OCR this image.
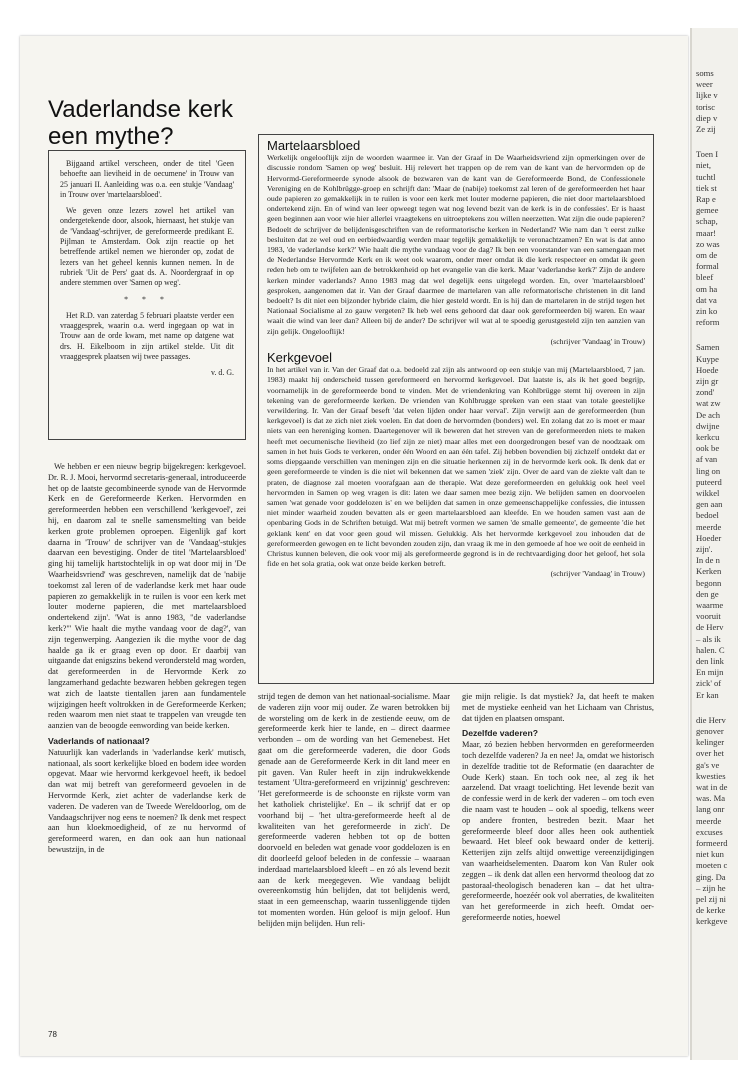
soms
weer
lijke v
torisc
diep v
Ze zij
Toen I
niet,
tuchtl
tiek st
Rap e
gemee
schap,
maar!
zo was
om de
formal
bleef
om ha
dat va
zin ko
reform
Samen
Kuype
Hoede
zijn gr
zond'
wat zw
De ach
dwijne
kerkcu
ook be
af van
ling on
puteerd
wikkel
gen aan
bedoel
meerde
Hoeder
zijn'.
In de n
Kerken
begonn
den ge
waarme
vooruit
de Herv
– als ik
halen. C
den link
En mijn
zick' of
Er kan
die Herv
genover
kelinger
over het
ga's ve
kwesties
wat in de
was. Ma
lang onr
meerde
excuses
formeerd
niet kun
moeten c
ging. Da
– zijn he
pel zij ni
de kerke
kerkgeve
Vaderlandse kerk een mythe?

Bijgaand artikel verscheen, onder de titel 'Geen behoefte aan lieviheid in de oecumene' in Trouw van 25 januari II. Aanleiding was o.a. een stukje 'Vandaag' in Trouw over 'martelaarsbloed'.

We geven onze lezers zowel het artikel van ondergetekende door, alsook, hiernaast, het stukje van de 'Vandaag'-schrijver, de gereformeerde predikant E. Pijlman te Amsterdam. Ook zijn reactie op het betreffende artikel nemen we hieronder op, zodat de lezers van het geheel kennis kunnen nemen. In de rubriek 'Uit de Pers' gaat ds. A. Noordergraaf in op andere stemmen over 'Samen op weg'.

* * *

Het R.D. van zaterdag 5 februari plaatste verder een vraaggesprek, waarin o.a. werd ingegaan op wat in Trouw aan de orde kwam, met name op datgene wat drs. H. Eikelboom in zijn artikel stelde. Uit dit vraaggesprek plaatsen wij twee passages.

v. d. G.
Martelaarsbloed

Werkelijk ongelooflijk zijn de woorden waarmee ir. Van der Graaf in De Waarheidsvriend zijn opmerkingen over de discussie rondom 'Samen op weg' besluit. Hij relevert het trappen op de rem van de kant van de hervormden op de Hervormd-Gereformeerde synode alsook de bezwaren van de kant van de Gereformeerde Bond, de Confessionele Vereniging en de Kohlbrügge-groep en schrijft dan: 'Maar de (nabije) toekomst zal leren of de gereformeerden het haar oude papieren zo gemakkelijk in te ruilen is voor een kerk met louter moderne papieren, die niet door martelaarsbloed ondertekend zijn. En of wind van leer opweegt tegen wat nog levend bezit van de kerk is in de confessies'. Er is haast geen beginnen aan voor wie hier allerlei vraagtekens en uitroeptekens zou willen neerzetten. Wat zijn die oude papieren? Bedoelt de schrijver de belijdenisgeschriften van de reformatorische kerken in Nederland? Wie nam dan 't eerst zulke besluiten dat ze wel oud en eerbiedwaardig werden maar tegelijk gemakkelijk te veronachtzamen? En wat is dat anno 1983, 'de vaderlandse kerk?' Wie haalt die mythe vandaag voor de dag? Ik ben een voorstander van een samengaan met de Nederlandse Hervormde Kerk en ik weet ook waarom, onder meer omdat ik die kerk respecteer en omdat ik geen reden heb om te twijfelen aan de betrokkenheid op het evangelie van die kerk. Maar 'vaderlandse kerk?' Zijn de andere kerken minder vaderlands? Anno 1983 mag dat wel degelijk eens uitgelegd worden. En, over 'martelaarsbloed' gesproken, aangenomen dat ir. Van der Graaf daarmee de martelaren van alle reformatorische christenen in dit land bedoelt? Is dit niet een bijzonder hybride claim, die hier gesteld wordt. En is hij dan de martelaren in de strijd tegen het Nationaal Socialisme al zo gauw vergeten? Ik heb wel eens gehoord dat daar ook gereformeerden bij waren. En waar waait die wind van leer dan? Alleen bij de ander? De schrijver wil wat al te spoedig gerustgesteld zijn ten aanzien van zijn gelijk. Ongelooflijk!

(schrijver 'Vandaag' in Trouw)
Kerkgevoel

In het artikel van ir. Van der Graaf dat o.a. bedoeld zal zijn als antwoord op een stukje van mij (Martelaarsbloed, 7 jan. 1983) maakt hij onderscheid tussen gereformeerd en hervormd kerkgevoel. Dat laatste is, als ik het goed begrijp, voornamelijk in de gereformeerde bond te vinden. Met de vriendenkring van Kohlbrügge stemt hij overeen in zijn tekening van de gereformeerde kerken. De vrienden van Kohlbrugge spreken van een staat van totale geestelijke verwildering. Ir. Van der Graaf beseft 'dat velen lijden onder haar verval'. Zijn verwijt aan de gereformeerden (hun kerkgevoel) is dat ze zich niet ziek voelen. En dat doen de hervormden (bonders) wel. En zolang dat zo is moet er maar niets van een hereniging komen. Daartegenover wil ik beweren dat het streven van de gereformeerden niets te maken heeft met oecumenische lieviheid (zo lief zijn ze niet) maar alles met een doorgedrongen besef van de noodzaak om samen in het huis Gods te verkeren, onder één Woord en aan één tafel. Zij hebben bovendien bij zichzelf ontdekt dat er soms diepgaande verschillen van meningen zijn en die situatie herkennen zij in de hervormde kerk ook. Ik denk dat er geen gereformeerde te vinden is die niet wil bekennen dat we samen 'ziek' zijn. Over de aard van de ziekte valt dan te praten, de diagnose zal moeten voorafgaan aan de therapie. Wat deze gereformeerden en gelukkig ook heel veel hervormden in Samen op weg vragen is dit: laten we daar samen mee bezig zijn. We belijden samen en doorvoelen samen 'wat genade voor goddelozen is' en we belijden dat samen in onze gemeenschappelijke confessies, die intussen niet minder waarheid zouden bevatten als er geen martelaarsbloed aan kleefde. En we houden samen vast aan de openbaring Gods in de Schriften betuigd. Wat mij betreft vormen we samen 'de smalle gemeente', de gemeente 'die het geklank kent' en dat voor geen goud wil missen. Gelukkig. Als het hervormde kerkgevoel zou inhouden dat de gereformeerden gewogen en te licht bevonden zouden zijn, dan vraag ik me in den gemoede af hoe we ooit de eenheid in Christus kunnen beleven, die ook voor mij als gereformeerde gegrond is in de rechtvaardiging door het geloof, het sola fide en het sola gratia, ook wat onze beide kerken betreft.

(schrijver 'Vandaag' in Trouw)

We hebben er een nieuw begrip bijgekregen: kerkgevoel. Dr. R. J. Mooi, hervormd secretaris-generaal, introduceerde het op de laatste gecombineerde synode van de Hervormde Kerk en de Gereformeerde Kerken. Hervormden en gereformeerden hebben een verschillend 'kerkgevoel', zei hij, en daarom zal te snelle samensmelting van beide kerken grote problemen oproepen. Eigenlijk gaf kort daarna in 'Trouw' de schrijver van de 'Vandaag'-stukjes daarvan een bevestiging. Onder de titel 'Martelaarsbloed' ging hij tamelijk hartstochtelijk in op wat door mij in 'De Waarheidsvriend' was geschreven, namelijk dat de 'nabije toekomst zal leren of de vaderlandse kerk met haar oude papieren zo gemakkelijk in te ruilen is voor een kerk met louter moderne papieren, die met martelaarsbloed ondertekend zijn'. 'Wat is anno 1983, "de vaderlandse kerk?"' Wie haalt die mythe vandaag voor de dag?', van zijn tegenwerping. Aangezien ik die mythe voor de dag haalde ga ik er graag even op door. Er daarbij van uitgaande dat enigszins bekend verondersteld mag worden, dat gereformeerden in de Hervormde Kerk zo langzamerhand gedachte bezwaren hebben gekregen tegen wat zich de laatste tientallen jaren aan fundamentele wijzigingen heeft voltrokken in de Gereformeerde Kerken; reden waarom men niet staat te trappelen van vreugde ten aanzien van de beoogde eenwording van beide kerken.

Vaderlands of nationaal?

Natuurlijk kan vaderlands in 'vaderlandse kerk' mutisch, nationaal, als soort kerkelijke bloed en bodem idee worden opgevat. Maar wie hervormd kerkgevoel heeft, ik bedoel dan wat mij betreft van gereformeerd gevoelen in de Hervormde Kerk, ziet achter de vaderlandse kerk de vaderen. De vaderen van de Tweede Wereldoorlog, om de Vandaagschrijver nog eens te noemen? Ik denk met respect aan hun kloekmoedigheid, of ze nu hervormd of gereformeerd waren, en dan ook aan hun nationaal bewustzijn, in de

strijd tegen de demon van het nationaal-socialisme. Maar de vaderen zijn voor mij ouder. Ze waren betrokken bij de worsteling om de kerk in de zestiende eeuw, om de gereformeerde kerk hier te lande, en – direct daarmee verbonden – om de wording van het Gemenebest. Het gaat om die gereformeerde vaderen, die door Gods genade aan de Gereformeerde Kerk in dit land meer en pit gaven. Van Ruler heeft in zijn indrukwekkende testament 'Ultra-gereformeerd en vrijzinnig' geschreven: 'Het gereformeerde is de schoonste en rijkste vorm van het katholiek christelijke'. En – ik schrijf dat er op voorhand bij – 'het ultra-gereformeerde heeft al de kwaliteiten van het gereformeerde in zich'. De gereformeerde vaderen hebben tot op de botten doorvoeld en beleden wat genade voor goddelozen is en dit doorleefd geloof beleden in de confessie – waaraan inderdaad martelaarsbloed kleeft – en zó als levend bezit aan de kerk meegegeven. Wie vandaag belijdt overeenkomstig hún belijden, dat tot belijdenis werd, staat in een gemeenschap, waarin tussenliggende tijden tot momenten worden. Hún geloof is mijn geloof. Hun belijden mijn belijden. Hun reli-

gie mijn religie. Is dat mystiek? Ja, dat heeft te maken met de mystieke eenheid van het Lichaam van Christus, dat tijden en plaatsen omspant.

Dezelfde vaderen?

Maar, zó bezien hebben hervormden en gereformeerden toch dezelfde vaderen? Ja en nee! Ja, omdat we historisch in dezelfde traditie tot de Reformatie (en daarachter de Oude Kerk) staan. En toch ook nee, al zeg ik het aarzelend. Dat vraagt toelichting. Het levende bezit van de confessie werd in de kerk der vaderen – om toch even die naam vast te houden – ook al spoedig, telkens weer op andere fronten, bestreden bezit. Maar het gereformeerde bleef door alles heen ook authentiek bewaard. Het bleef ook bewaard onder de ketterij. Ketterijen zijn zelfs altijd onwettige vereenzijdigingen van waarheidselementen. Daarom kon Van Ruler ook zeggen – ik denk dat allen een hervormd theoloog dat zo pastoraal-theologisch benaderen kan – dat het ultra-gereformeerde, hoezéér ook vol aberraties, de kwaliteiten van het gereformeerde in zich heeft. Omdat oer-gereformeerde noties, hoewel

78
